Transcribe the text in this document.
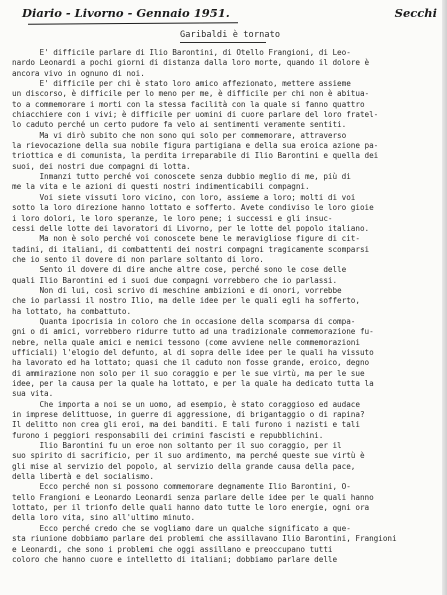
Diario - Livorno - Gennaio 1951.	Secchi
Garibaldi è tornato
E' difficile parlare di Ilio Barontini, di Otello Frangioni, di Leo-
nardo Leonardi a pochi giorni di distanza dalla loro morte, quando il dolore è
ancora vivo in ognuno di noi.
E' difficile per chi è stato loro amico affezionato, mettere assieme
un discorso, è difficile per lo meno per me, è difficile per chi non è abitua-
to a commemorare i morti con la stessa facilità con la quale si fanno quattro
chiacchiere con i vivi; è difficile per uomini di cuore parlare del loro fratel-
lo caduto perché un certo pudore fa velo ai sentimenti veramente sentiti.
Ma vi dirò subito che non sono qui solo per commemorare, attraverso
la rievocazione della sua nobile figura partigiana e della sua eroica azione pa-
triottica e di comunista, la perdita irreparabile di Ilio Barontini e quella dei
suoi, dei nostri due compagni di lotta.
Inmanzi tutto perché voi conoscete senza dubbio meglio di me, più di
me la vita e le azioni di questi nostri indimenticabili compagni.
Voi siete vissuti loro vicino, con loro, assieme a loro; molti di voi
sotto la loro direzione hanno lottato e sofferto. Avete condiviso le loro gioie
i loro dolori, le loro speranze, le loro pene; i successi e gli insuc-
cessi delle lotte dei lavoratori di Livorno, per le lotte del popolo italiano.
Ma non è solo perché voi conoscete bene le meravigliose figure di cit-
tadini, di italiani, di combattenti dei nostri compagni tragicamente scomparsi
che io sento il dovere di non parlare soltanto di loro.
Sento il dovere di dire anche altre cose, perché sono le cose delle
quali Ilio Barontini ed i suoi due compagni vorrebbero che io parlassi.
Non di lui, così scrivo di meschine ambizioni e di onori, vorrebbe
che io parlassi il nostro Ilio, ma delle idee per le quali egli ha sofferto,
ha lottato, ha combattuto.
Quanta ipocrisia in coloro che in occasione della scomparsa di compa-
gni o di amici, vorrebbero ridurre tutto ad una tradizionale commemorazione fu-
nebre, nella quale amici e nemici tessono (come avviene nelle commemorazioni
ufficiali) l'elogio del defunto, al di sopra delle idee per le quali ha vissuto
ha lavorato ed ha lottato; quasi che il caduto non fosse grande, eroico, degno
di ammirazione non solo per il suo coraggio e per le sue virtù, ma per le sue
idee, per la causa per la quale ha lottato, e per la quale ha dedicato tutta la
sua vita.
Che importa a noi se un uomo, ad esempio, è stato coraggioso ed audace
in imprese delittuose, in guerre di aggressione, di brigantaggio o di rapina?
Il delitto non crea gli eroi, ma dei banditi. E tali furono i nazisti e tali
furono i peggiori responsabili dei crimini fascisti e repubblichini.
Ilio Barontini fu un eroe non soltanto per il suo coraggio, per il
suo spirito di sacrificio, per il suo ardimento, ma perché queste sue virtù è
gli mise al servizio del popolo, al servizio della grande causa della pace,
della libertà e del socialismo.
Ecco perché non si possono commemorare degnamente Ilio Barontini, O-
tello Frangioni e Leonardo Leonardi senza parlare delle idee per le quali hanno
lottato, per il trionfo delle quali hanno dato tutte le loro energie, ogni ora
della loro vita, sino all'ultimo minuto.
Ecco perché credo che se vogliamo dare un qualche significato a que-
sta riunione dobbiamo parlare dei problemi che assillavano Ilio Barontini, Frangioni
e Leonardi, che sono i problemi che oggi assillano e preoccupano tutti
coloro che hanno cuore e intelletto di italiani; dobbiamo parlare delle
